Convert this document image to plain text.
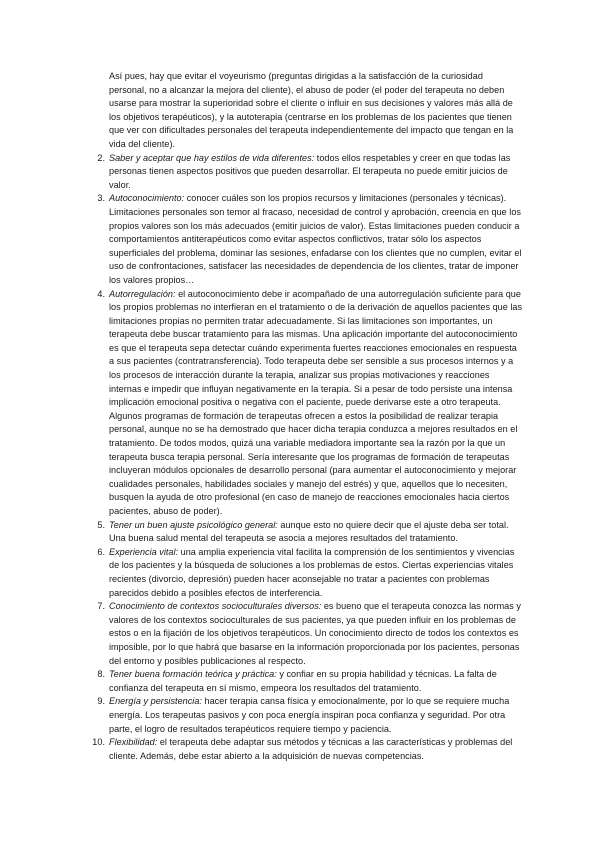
Así pues, hay que evitar el voyeurismo (preguntas dirigidas a la satisfacción de la curiosidad personal, no a alcanzar la mejora del cliente), el abuso de poder (el poder del terapeuta no deben usarse para mostrar la superioridad sobre el cliente o influir en sus decisiones y valores más allá de los objetivos terapéuticos), y la autoterapia (centrarse en los problemas de los pacientes que tienen que ver con dificultades personales del terapeuta independientemente del impacto que tengan en la vida del cliente).

2. Saber y aceptar que hay estilos de vida diferentes: todos ellos respetables y creer en que todas las personas tienen aspectos positivos que pueden desarrollar. El terapeuta no puede emitir juicios de valor.
3. Autoconocimiento: conocer cuáles son los propios recursos y limitaciones (personales y técnicas). Limitaciones personales son temor al fracaso, necesidad de control y aprobación, creencia en que los propios valores son los más adecuados (emitir juicios de valor). Estas limitaciones pueden conducir a comportamientos antiterapéuticos como evitar aspectos conflictivos, tratar sólo los aspectos superficiales del problema, dominar las sesiones, enfadarse con los clientes que no cumplen, evitar el uso de confrontaciones, satisfacer las necesidades de dependencia de los clientes, tratar de imponer los valores propios…
4. Autorregulación: el autoconocimiento debe ir acompañado de una autorregulación suficiente para que los propios problemas no interfieran en el tratamiento o de la derivación de aquellos pacientes que las limitaciones propias no permiten tratar adecuadamente. Si las limitaciones son importantes, un terapeuta debe buscar tratamiento para las mismas. Una aplicación importante del autoconocimiento es que el terapeuta sepa detectar cuándo experimenta fuertes reacciones emocionales en respuesta a sus pacientes (contratransferencia). Todo terapeuta debe ser sensible a sus procesos internos y a los procesos de interacción durante la terapia, analizar sus propias motivaciones y reacciones internas e impedir que influyan negativamente en la terapia. Si a pesar de todo persiste una intensa implicación emocional positiva o negativa con el paciente, puede derivarse este a otro terapeuta. Algunos programas de formación de terapeutas ofrecen a estos la posibilidad de realizar terapia personal, aunque no se ha demostrado que hacer dicha terapia conduzca a mejores resultados en el tratamiento. De todos modos, quizá una variable mediadora importante sea la razón por la que un terapeuta busca terapia personal. Sería interesante que los programas de formación de terapeutas incluyeran módulos opcionales de desarrollo personal (para aumentar el autoconocimiento y mejorar cualidades personales, habilidades sociales y manejo del estrés) y que, aquellos que lo necesiten, busquen la ayuda de otro profesional (en caso de manejo de reacciones emocionales hacia ciertos pacientes, abuso de poder).
5. Tener un buen ajuste psicológico general: aunque esto no quiere decir que el ajuste deba ser total. Una buena salud mental del terapeuta se asocia a mejores resultados del tratamiento.
6. Experiencia vital: una amplia experiencia vital facilita la comprensión de los sentimientos y vivencias de los pacientes y la búsqueda de soluciones a los problemas de estos. Ciertas experiencias vitales recientes (divorcio, depresión) pueden hacer aconsejable no tratar a pacientes con problemas parecidos debido a posibles efectos de interferencia.
7. Conocimiento de contextos socioculturales diversos: es bueno que el terapeuta conozca las normas y valores de los contextos socioculturales de sus pacientes, ya que pueden influir en los problemas de estos o en la fijación de los objetivos terapéuticos. Un conocimiento directo de todos los contextos es imposible, por lo que habrá que basarse en la información proporcionada por los pacientes, personas del entorno y posibles publicaciones al respecto.
8. Tener buena formación teórica y práctica: y confiar en su propia habilidad y técnicas. La falta de confianza del terapeuta en sí mismo, empeora los resultados del tratamiento.
9. Energía y persistencia: hacer terapia cansa física y emocionalmente, por lo que se requiere mucha energía. Los terapeutas pasivos y con poca energía inspiran poca confianza y seguridad. Por otra parte, el logro de resultados terapéuticos requiere tiempo y paciencia.
10. Flexibilidad: el terapeuta debe adaptar sus métodos y técnicas a las características y problemas del cliente. Además, debe estar abierto a la adquisición de nuevas competencias.
